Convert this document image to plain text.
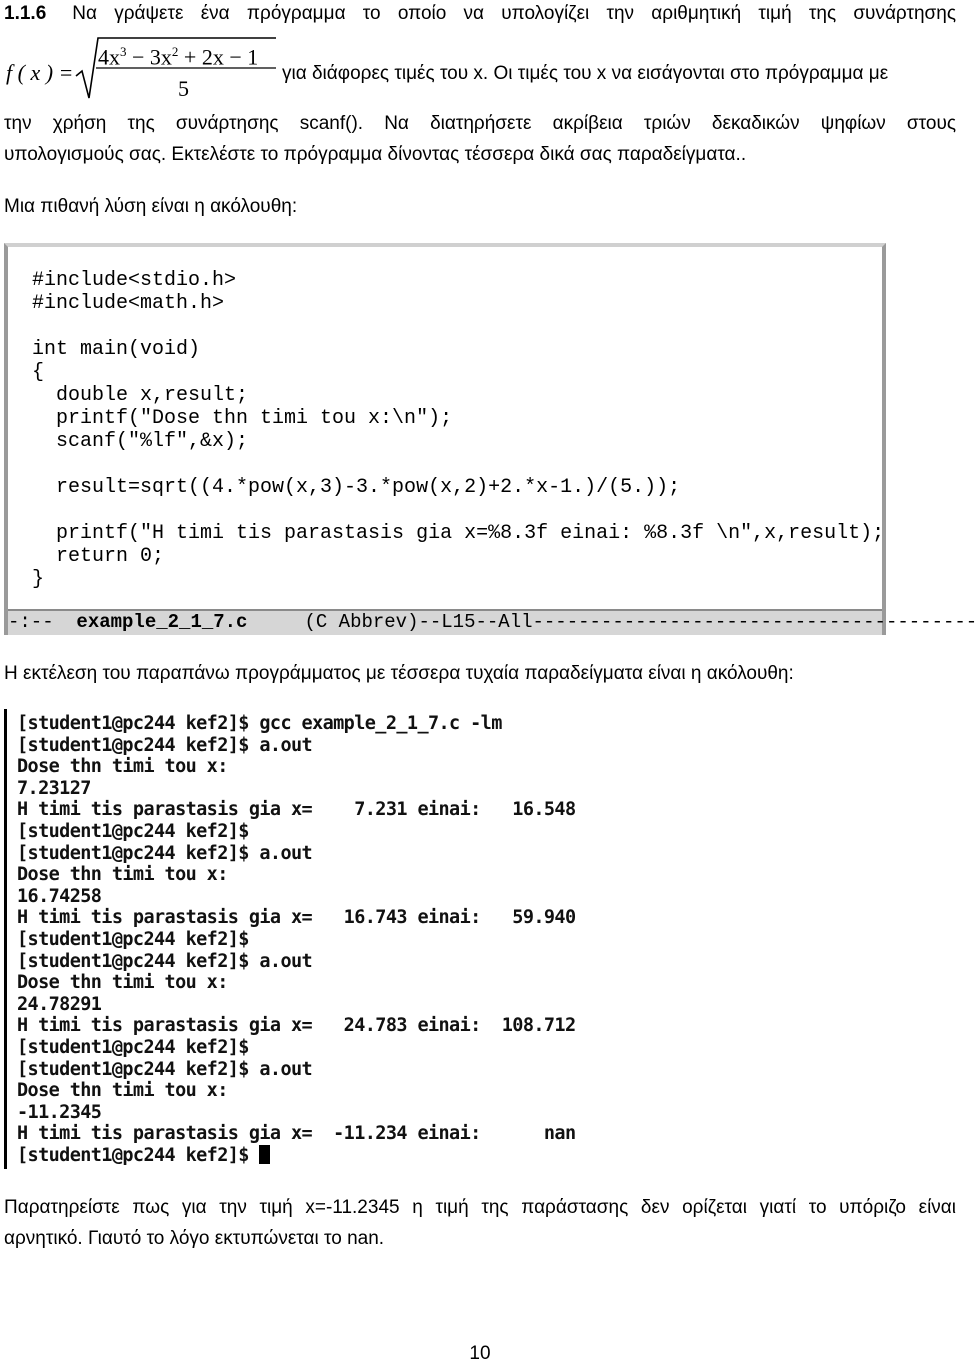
1.1.6 Να γράψετε ένα πρόγραμμα το οποίο να υπολογίζει την αριθμητική τιμή της συνάρτησης
f ( x ) =
$4x^3 - 3x^2 + 2x - 1$
5
για διάφορες τιμές του x. Οι τιμές του x να εισάγονται στο πρόγραμμα με
την χρήση της συνάρτησης scanf(). Να διατηρήσετε ακρίβεια τριών δεκαδικών ψηφίων στους
υπολογισμούς σας. Εκτελέστε το πρόγραμμα δίνοντας τέσσερα δικά σας παραδείγματα..
Μια πιθανή λύση είναι η ακόλουθη:
#include<stdio.h>
#include<math.h>

int main(void)
{
double x,result;
printf("Dose thn timi tou x:\n");
scanf("%lf",&x);

result=sqrt((4.*pow(x,3)-3.*pow(x,2)+2.*x-1.)/(5.));

printf("H timi tis parastasis gia x=%8.3f einai: %8.3f \n",x,result);
return 0;
}
-:--  example_2_1_7.c     (C Abbrev)--L15--All---------------------------------------
Η εκτέλεση του παραπάνω προγράμματος με τέσσερα τυχαία παραδείγματα είναι η ακόλουθη:
[student1@pc244 kef2]$ gcc example_2_1_7.c -lm
[student1@pc244 kef2]$ a.out
Dose thn timi tou x:
7.23127
H timi tis parastasis gia x=    7.231 einai:   16.548
[student1@pc244 kef2]$
[student1@pc244 kef2]$ a.out
Dose thn timi tou x:
16.74258
H timi tis parastasis gia x=   16.743 einai:   59.940
[student1@pc244 kef2]$
[student1@pc244 kef2]$ a.out
Dose thn timi tou x:
24.78291
H timi tis parastasis gia x=   24.783 einai:  108.712
[student1@pc244 kef2]$
[student1@pc244 kef2]$ a.out
Dose thn timi tou x:
-11.2345
H timi tis parastasis gia x=  -11.234 einai:      nan
[student1@pc244 kef2]$
Παρατηρείστε πως για την τιμή x=-11.2345 η τιμή της παράστασης δεν ορίζεται γιατί το υπόριζο είναι
αρνητικό. Γιαυτό το λόγο εκτυπώνεται το nan.
10
